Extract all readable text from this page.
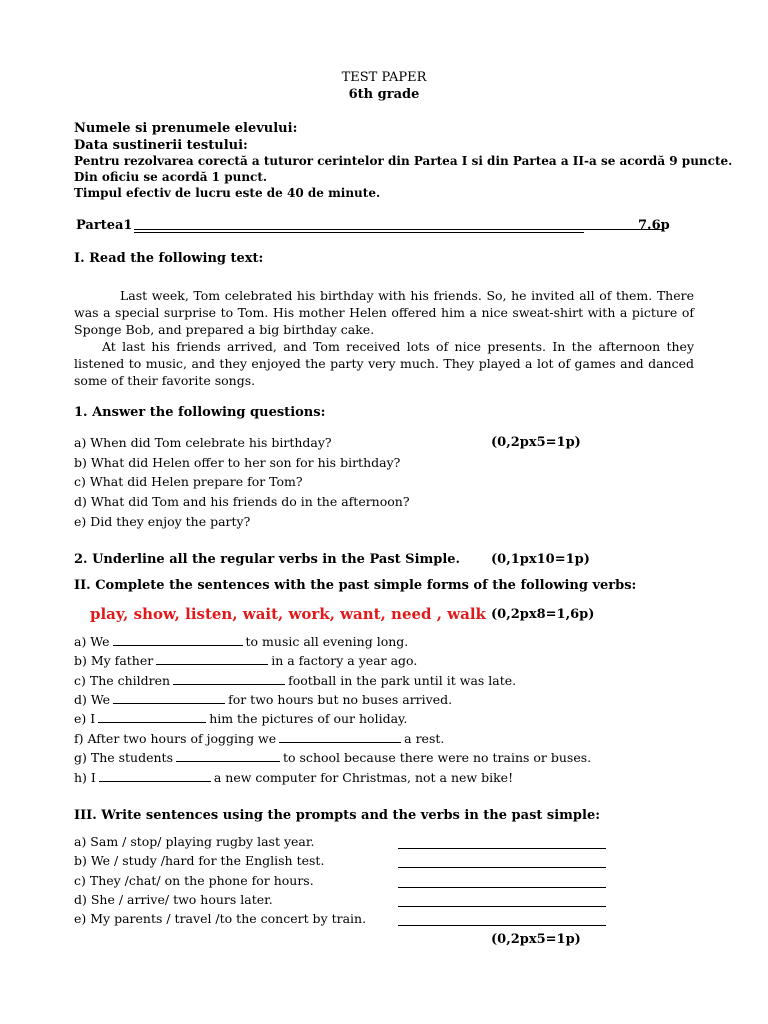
TEST PAPER
6th grade
Numele si prenumele elevului:
Data sustinerii testului:
Pentru rezolvarea corectă a tuturor cerintelor din Partea I si din Partea a II-a se acordă 9 puncte.
Din oficiu se acordă 1 punct.
Timpul efectiv de lucru este de 40 de minute.
Partea1	7.6p
I. Read the following text:
Last week, Tom celebrated his birthday with his friends. So, he invited all of them. There was a special surprise to Tom. His mother Helen offered him a nice sweat-shirt with a picture of Sponge Bob, and prepared a big birthday cake.
At last his friends arrived, and Tom received lots of nice presents. In the afternoon they listened to music, and they enjoyed the party very much. They played a lot of games and danced some of their favorite songs.
1. Answer the following questions:
(0,2px5=1p)
a) When did Tom celebrate his birthday?
b) What did Helen offer to her son for his birthday?
c) What did Helen prepare for Tom?
d) What did Tom and his friends do in the afternoon?
e) Did they enjoy the party?
2. Underline all the regular verbs in the Past Simple. (0,1px10=1p)
II. Complete the sentences with the past simple forms of the following verbs:
play, show, listen, wait, work, want, need , walk (0,2px8=1,6p)
a) We	to music all evening long.
b) My father	in a factory a year ago.
c) The children	football in the park until it was late.
d) We	for two hours but no buses arrived.
e) I	him the pictures of our holiday.
f) After two hours of jogging we	a rest.
g) The students	to school because there were no trains or buses.
h) I	a new computer for Christmas, not a new bike!
III. Write sentences using the prompts and the verbs in the past simple:
a) Sam / stop/ playing rugby last year.
b) We / study /hard for the English test.
c) They /chat/ on the phone for hours.
d) She / arrive/ two hours later.
e) My parents / travel /to the concert by train.
(0,2px5=1p)
